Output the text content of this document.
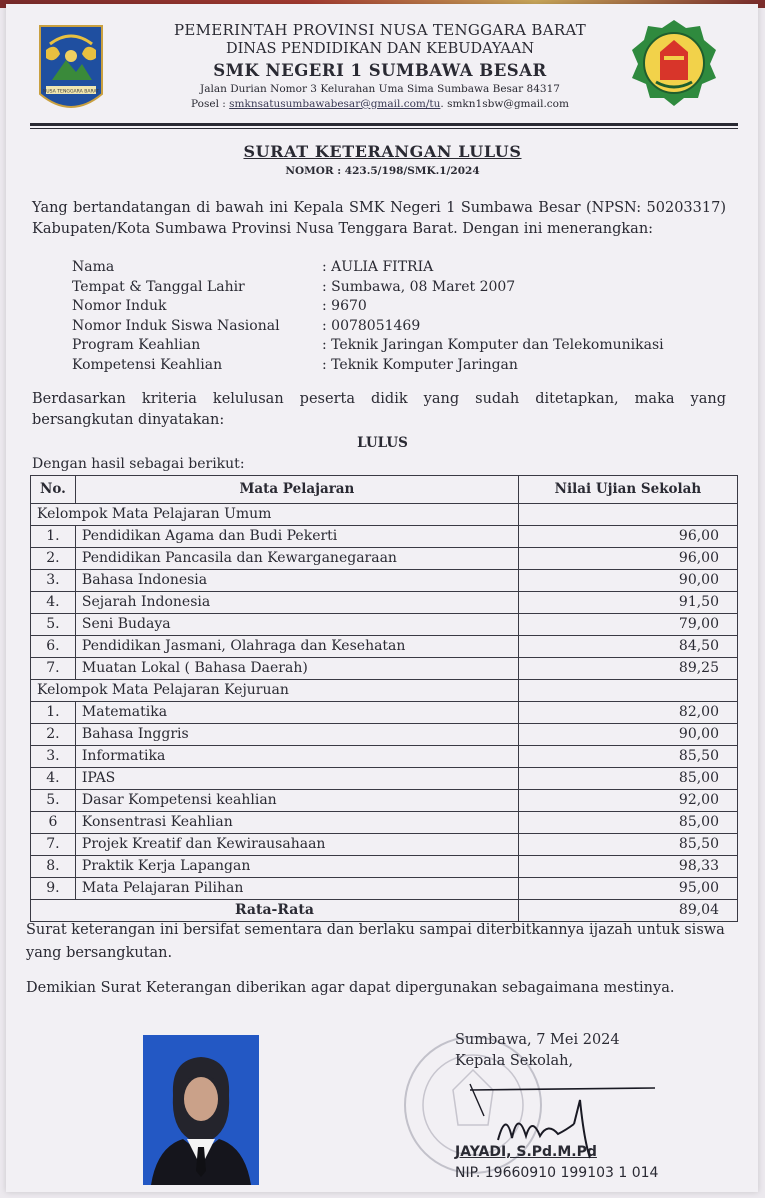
NUSA TENGGARA BARAT
PEMERINTAH PROVINSI NUSA TENGGARA BARAT
DINAS PENDIDIKAN DAN KEBUDAYAAN
SMK NEGERI 1 SUMBAWA BESAR
Jalan Durian Nomor 3 Kelurahan Uma Sima Sumbawa Besar 84317
Posel : smknsatusumbawabesar@gmail.com/tu. smkn1sbw@gmail.com
SURAT KETERANGAN LULUS
NOMOR : 423.5/198/SMK.1/2024
Yang bertandatangan di bawah ini Kepala SMK Negeri 1 Sumbawa Besar (NPSN: 50203317) Kabupaten/Kota Sumbawa Provinsi Nusa Tenggara Barat. Dengan ini menerangkan:
Nama	: AULIA FITRIA
Tempat & Tanggal Lahir	: Sumbawa, 08 Maret 2007
Nomor Induk	: 9670
Nomor Induk Siswa Nasional	: 0078051469
Program Keahlian	: Teknik Jaringan Komputer dan Telekomunikasi
Kompetensi Keahlian	: Teknik Komputer Jaringan
Berdasarkan kriteria kelulusan peserta didik yang sudah ditetapkan, maka yang bersangkutan dinyatakan:
LULUS
Dengan hasil sebagai berikut:
No.	Mata Pelajaran	Nilai Ujian Sekolah
Kelompok Mata Pelajaran Umum		
1.	Pendidikan Agama dan Budi Pekerti	96,00
2.	Pendidikan Pancasila dan Kewarganegaraan	96,00
3.	Bahasa Indonesia	90,00
4.	Sejarah Indonesia	91,50
5.	Seni Budaya	79,00
6.	Pendidikan Jasmani, Olahraga dan Kesehatan	84,50
7.	Muatan Lokal ( Bahasa Daerah)	89,25
Kelompok Mata Pelajaran Kejuruan		
1.	Matematika	82,00
2.	Bahasa Inggris	90,00
3.	Informatika	85,50
4.	IPAS	85,00
5.	Dasar Kompetensi keahlian	92,00
6	Konsentrasi Keahlian	85,00
7.	Projek Kreatif dan Kewirausahaan	85,50
8.	Praktik Kerja Lapangan	98,33
9.	Mata Pelajaran Pilihan	95,00
Rata-Rata		89,04
Surat keterangan ini bersifat sementara dan berlaku sampai diterbitkannya ijazah untuk siswa yang bersangkutan.
Demikian Surat Keterangan diberikan agar dapat dipergunakan sebagaimana mestinya.
Sumbawa, 7 Mei 2024
Kepala Sekolah,
JAYADI, S.Pd.M.Pd
NIP. 19660910 199103 1 014
